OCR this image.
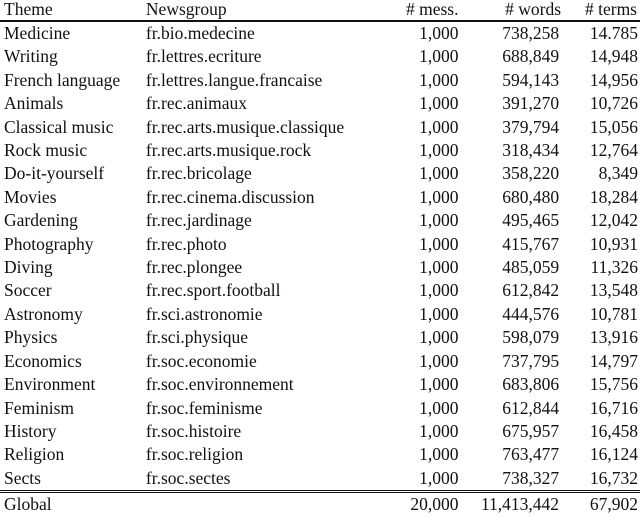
Theme	Newsgroup	# mess.	# words	# terms
Medicine	fr.bio.medecine	1,000	738,258	14.785
Writing	fr.lettres.ecriture	1,000	688,849	14,948
French language	fr.lettres.langue.francaise	1,000	594,143	14,956
Animals	fr.rec.animaux	1,000	391,270	10,726
Classical music	fr.rec.arts.musique.classique	1,000	379,794	15,056
Rock music	fr.rec.arts.musique.rock	1,000	318,434	12,764
Do-it-yourself	fr.rec.bricolage	1,000	358,220	8,349
Movies	fr.rec.cinema.discussion	1,000	680,480	18,284
Gardening	fr.rec.jardinage	1,000	495,465	12,042
Photography	fr.rec.photo	1,000	415,767	10,931
Diving	fr.rec.plongee	1,000	485,059	11,326
Soccer	fr.rec.sport.football	1,000	612,842	13,548
Astronomy	fr.sci.astronomie	1,000	444,576	10,781
Physics	fr.sci.physique	1,000	598,079	13,916
Economics	fr.soc.economie	1,000	737,795	14,797
Environment	fr.soc.environnement	1,000	683,806	15,756
Feminism	fr.soc.feminisme	1,000	612,844	16,716
History	fr.soc.histoire	1,000	675,957	16,458
Religion	fr.soc.religion	1,000	763,477	16,124
Sects	fr.soc.sectes	1,000	738,327	16,732
Global		20,000	11,413,442	67,902
